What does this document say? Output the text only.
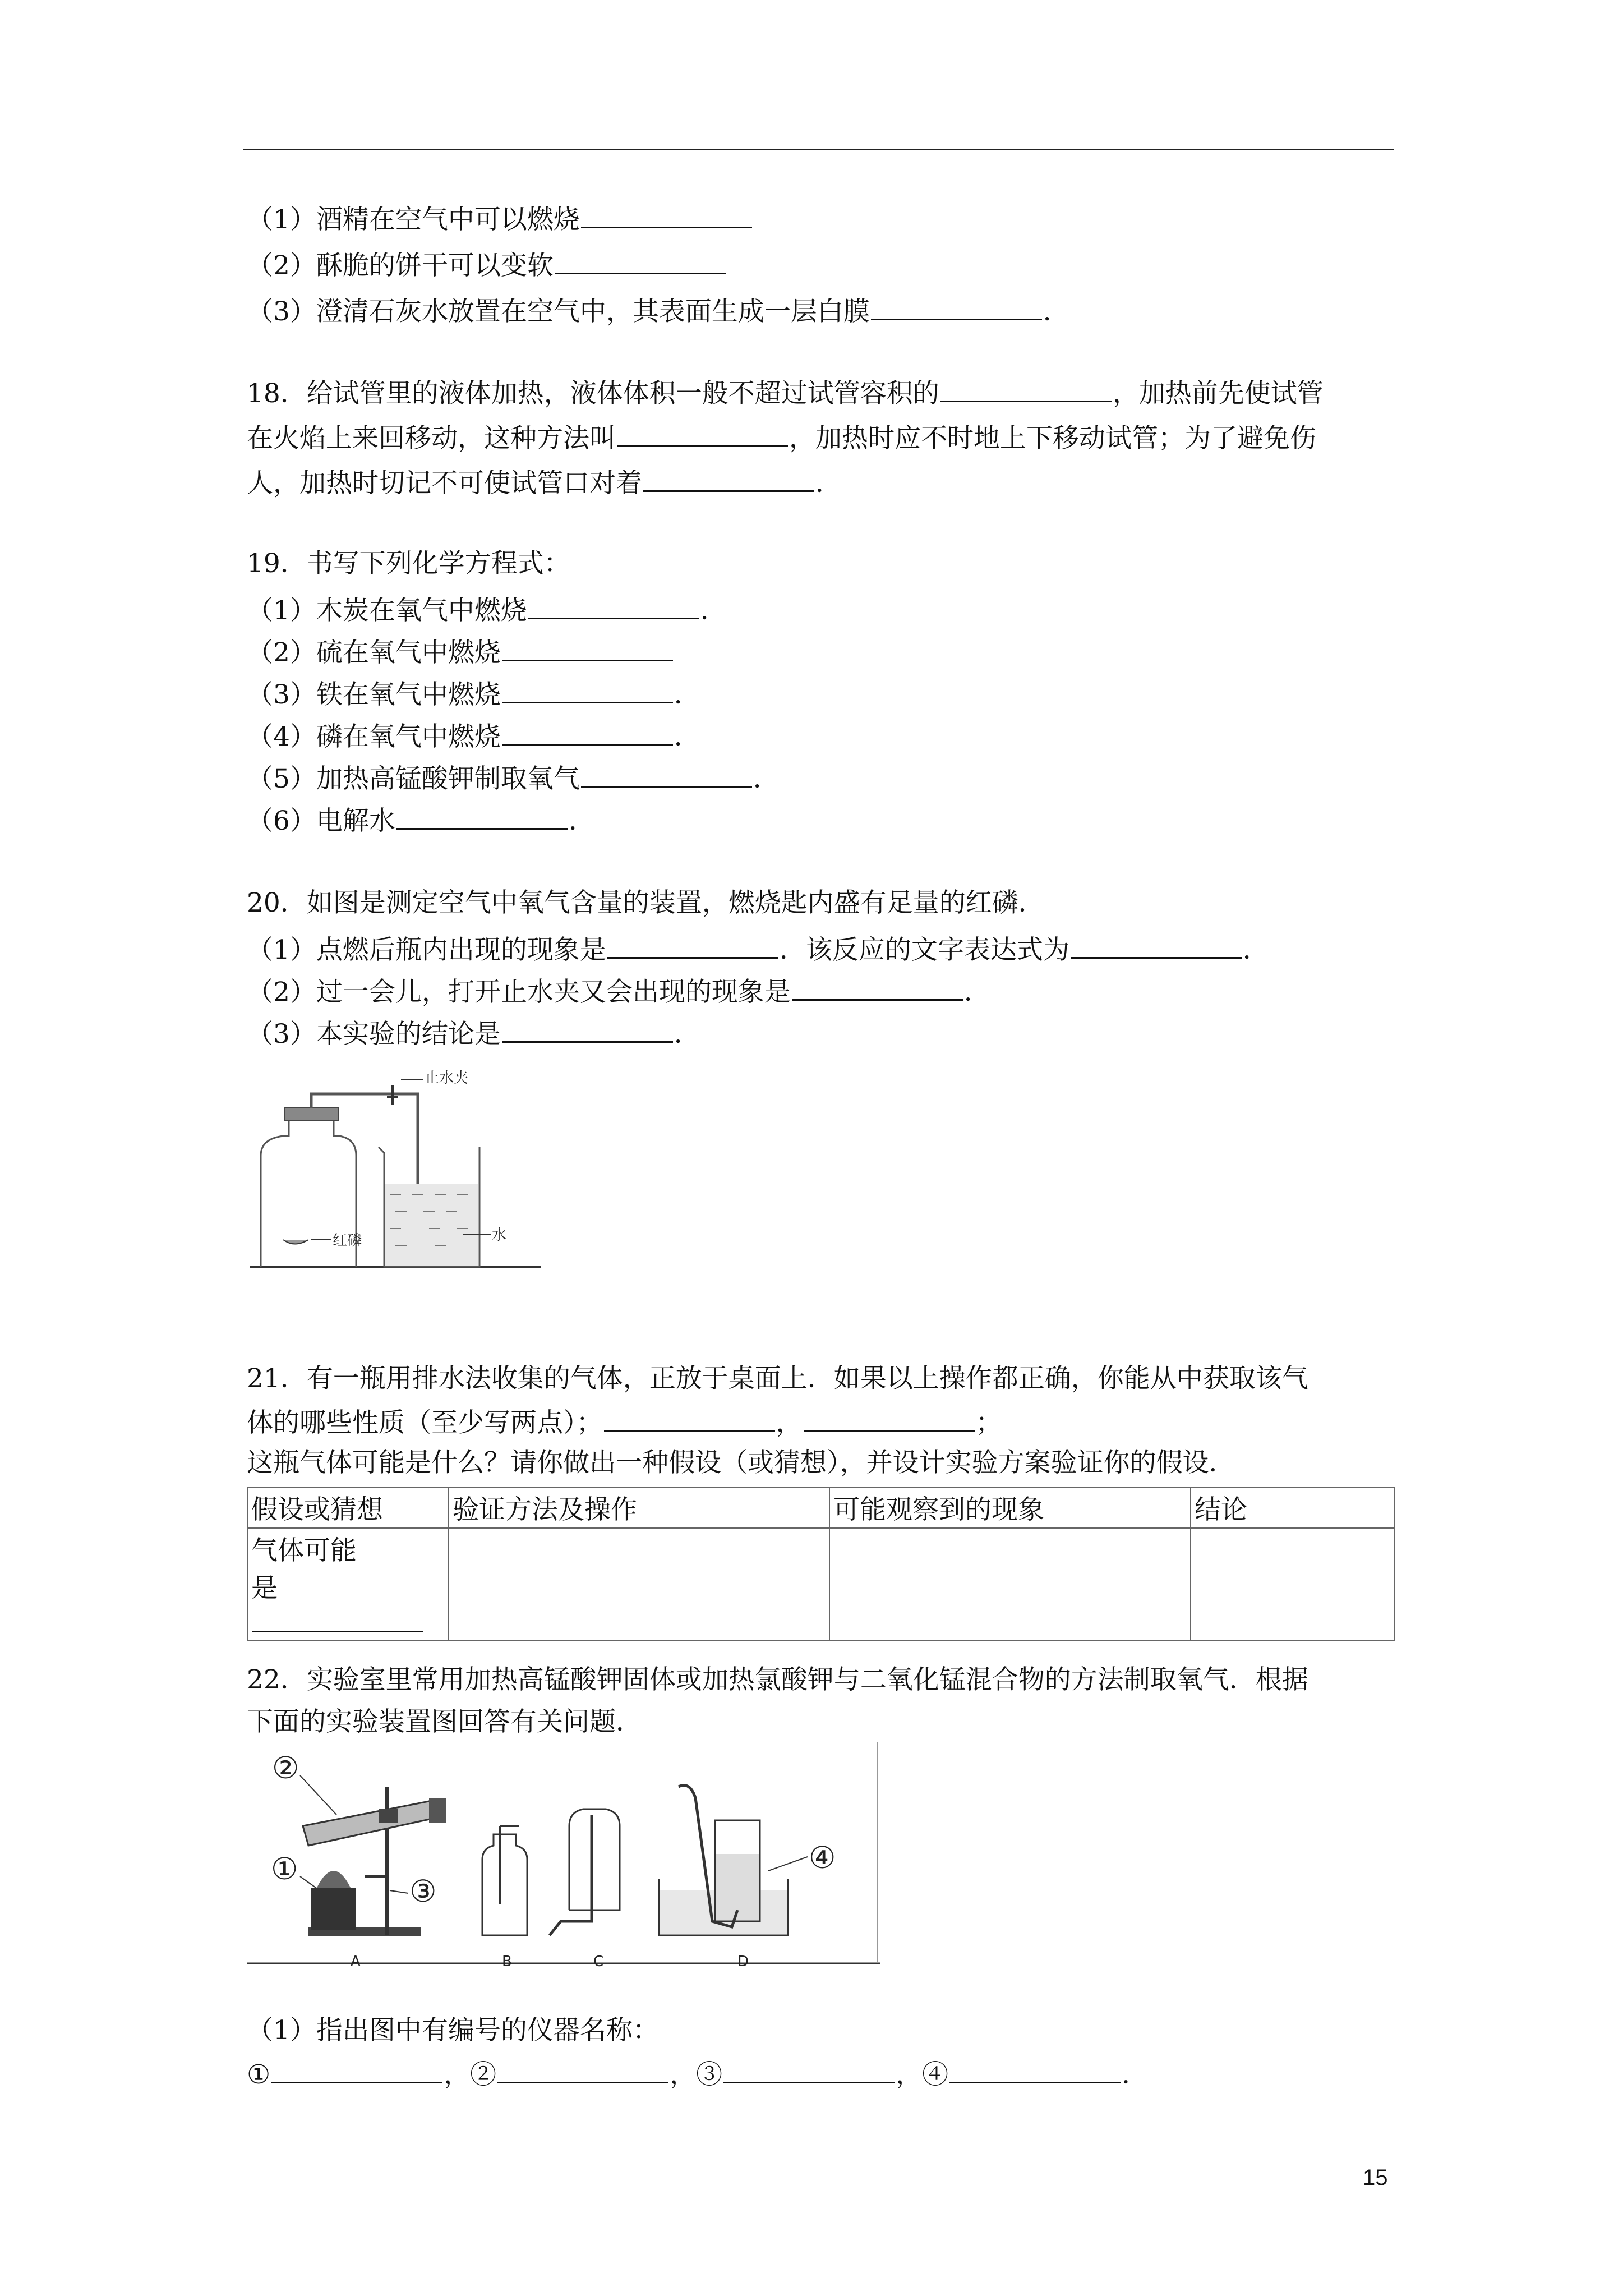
（1）酒精在空气中可以燃烧
（2）酥脆的饼干可以变软
（3）澄清石灰水放置在空气中，其表面生成一层白膜	．
18．给试管里的液体加热，液体体积一般不超过试管容积的	，加热前先使试管
在火焰上来回移动，这种方法叫	，加热时应不时地上下移动试管；为了避免伤
人，加热时切记不可使试管口对着	．
19．书写下列化学方程式：
（1）木炭在氧气中燃烧	．
（2）硫在氧气中燃烧
（3）铁在氧气中燃烧	．
（4）磷在氧气中燃烧	．
（5）加热高锰酸钾制取氧气	．
（6）电解水	．
20．如图是测定空气中氧气含量的装置，燃烧匙内盛有足量的红磷．
（1）点燃后瓶内出现的现象是	．该反应的文字表达式为	．
（2）过一会儿，打开止水夹又会出现的现象是	．
（3）本实验的结论是	．
止水夹
水
红磷
21．有一瓶用排水法收集的气体，正放于桌面上．如果以上操作都正确，你能从中获取该气
体的哪些性质（至少写两点）；	，	；
这瓶气体可能是什么？请你做出一种假设（或猜想），并设计实验方案验证你的假设．
假设或猜想	验证方法及操作	可能观察到的现象	结论

气体可能
是			

22．实验室里常用加热高锰酸钾固体或加热氯酸钾与二氧化锰混合物的方法制取氧气．根据
下面的实验装置图回答有关问题．
①
②
③
A	B	C
④
D
（1）指出图中有编号的仪器名称：
①	，②	，③	，④	．
15
